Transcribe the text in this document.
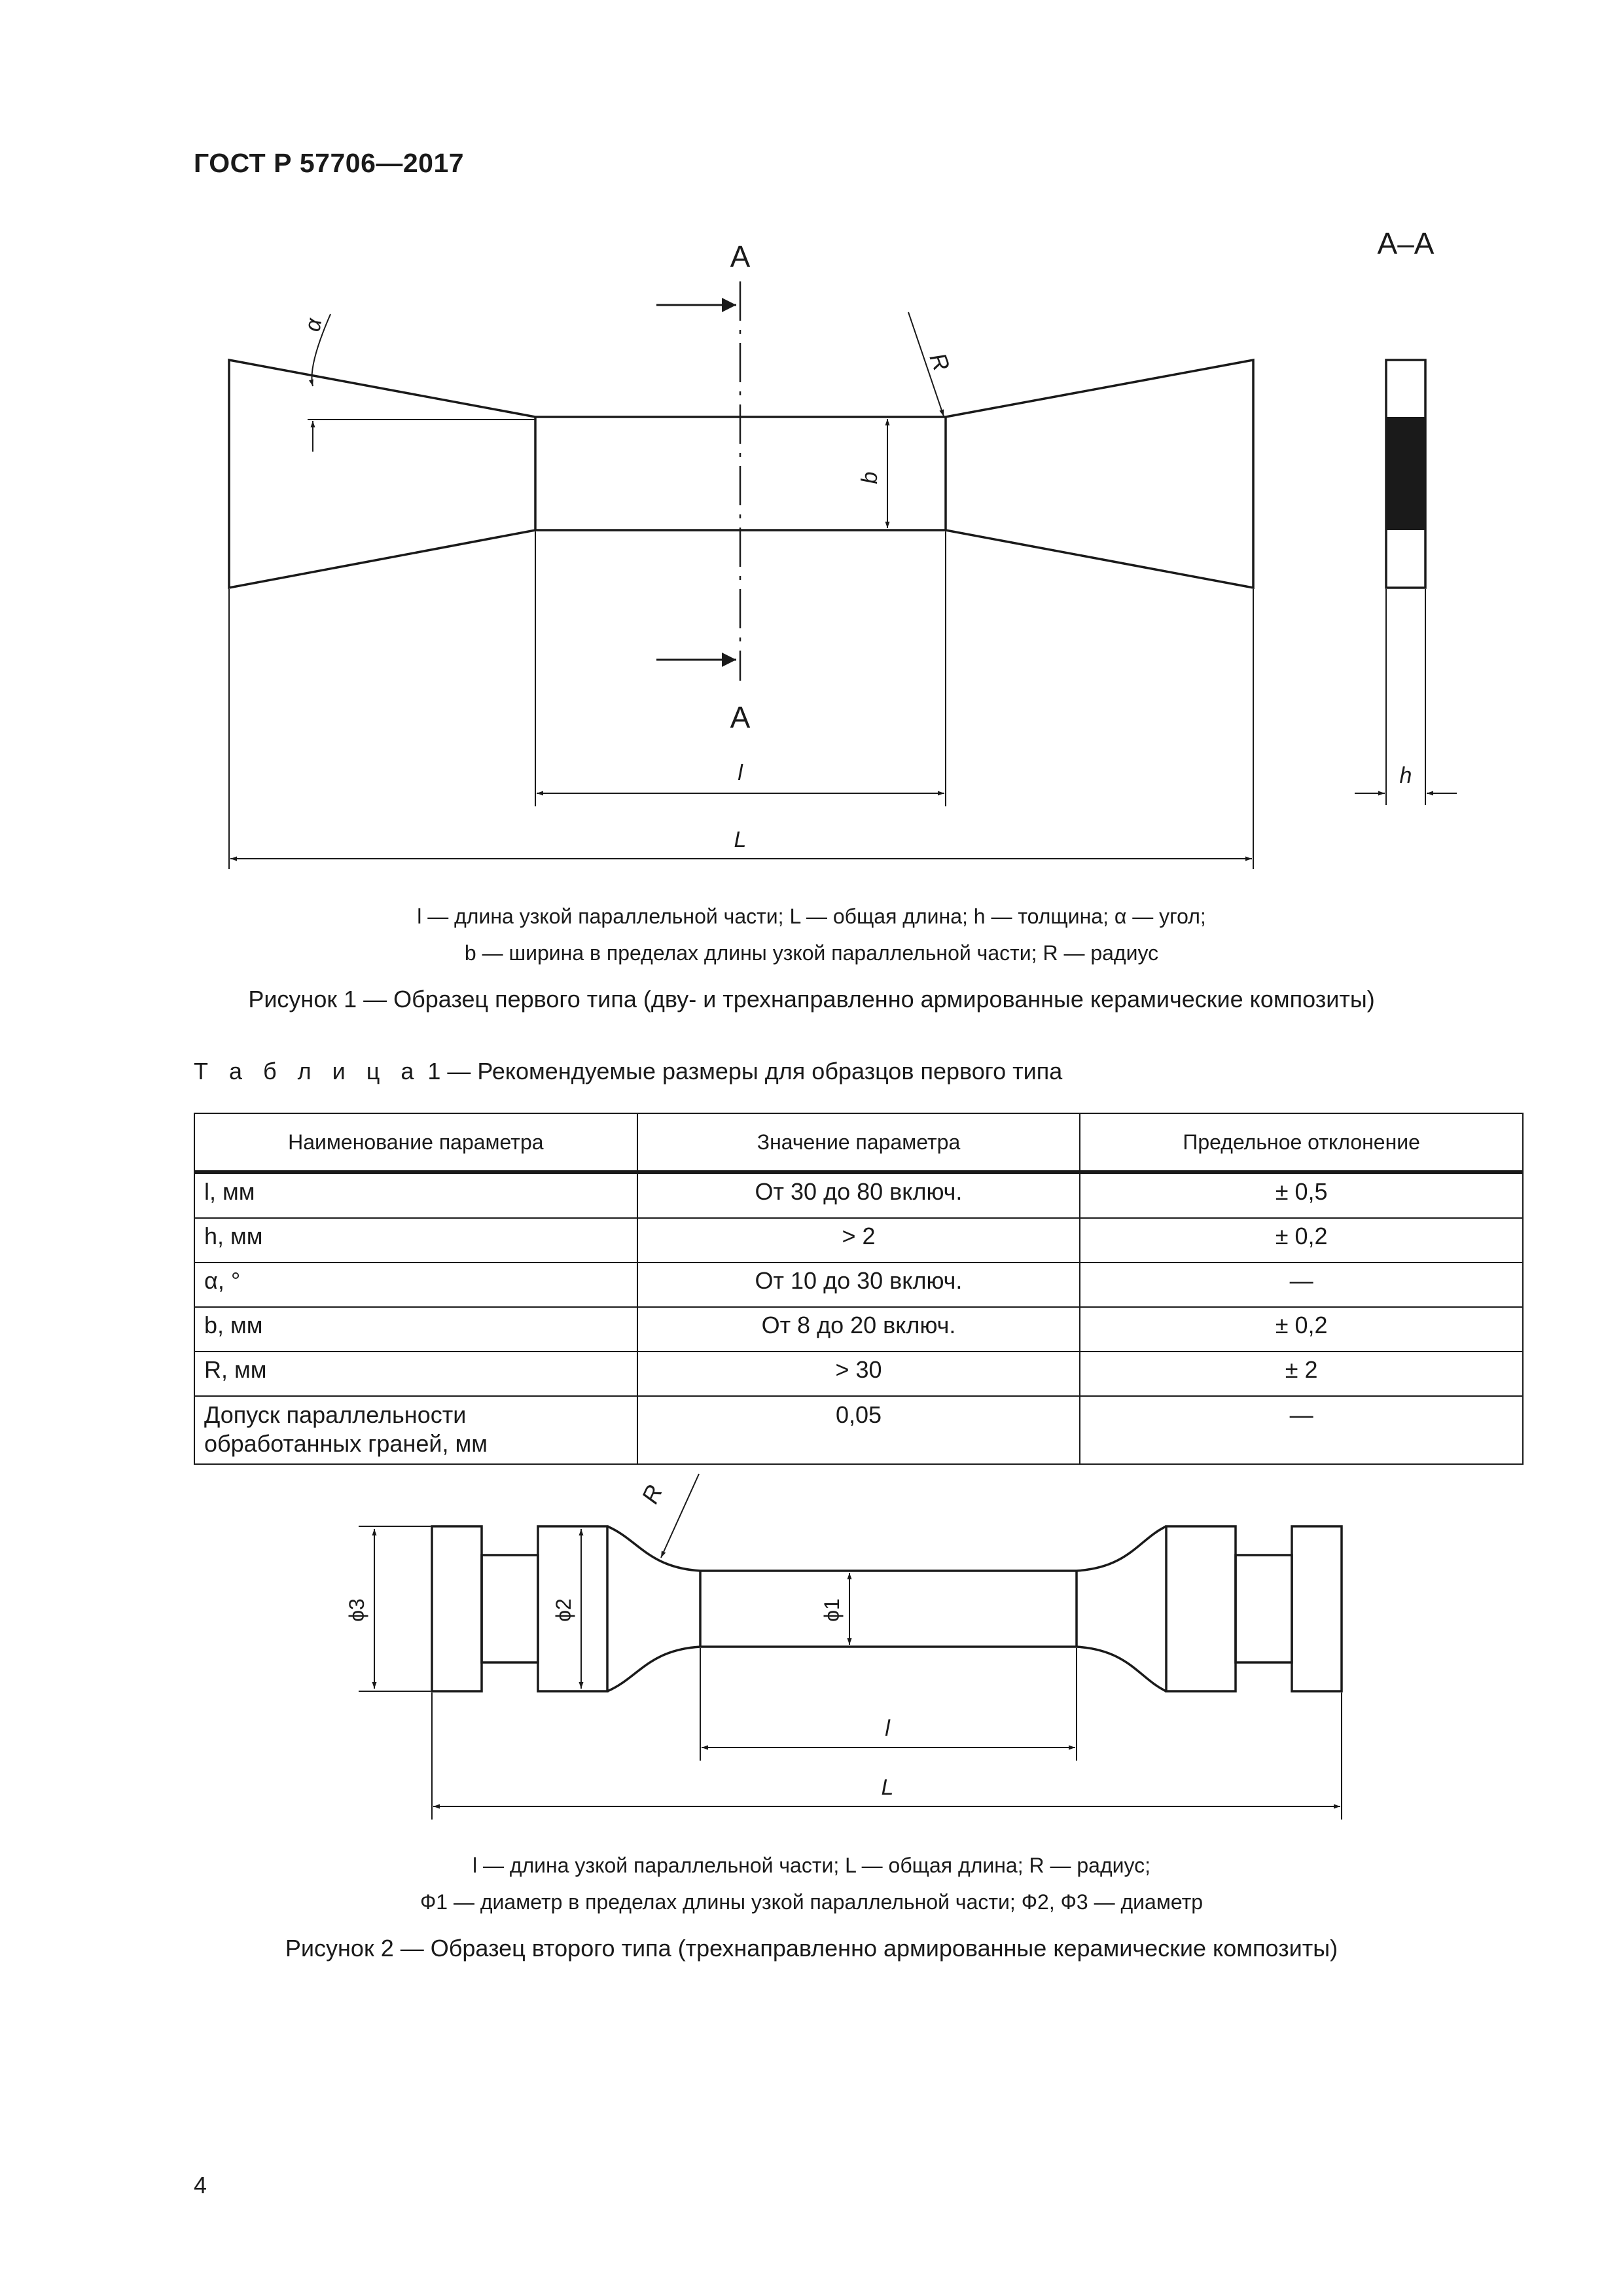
ГОСТ Р 57706—2017
A
A
A–A
α
R
b
l
L
h
l — длина узкой параллельной части; L — общая длина; h — толщина; α — угол;
b — ширина в пределах длины узкой параллельной части; R — радиус
Рисунок 1 — Образец первого типа (дву- и трехнаправленно армированные керамические композиты)
Т а б л и ц а 1 — Рекомендуемые размеры для образцов первого типа
Наименование параметра	Значение параметра	Предельное отклонение
l, мм	От 30 до 80 включ.	± 0,5
h, мм	> 2	± 0,2
α, °	От 10 до 30 включ.	—
b, мм	От 8 до 20 включ.	± 0,2
R, мм	> 30	± 2
Допуск параллельности обработанных граней, мм	0,05	—
R
ϕ3	ϕ2	ϕ1
l
L
l — длина узкой параллельной части; L — общая длина; R — радиус;
Ф1 — диаметр в пределах длины узкой параллельной части; Ф2, Ф3 — диаметр
Рисунок 2 — Образец второго типа (трехнаправленно армированные керамические композиты)
4
